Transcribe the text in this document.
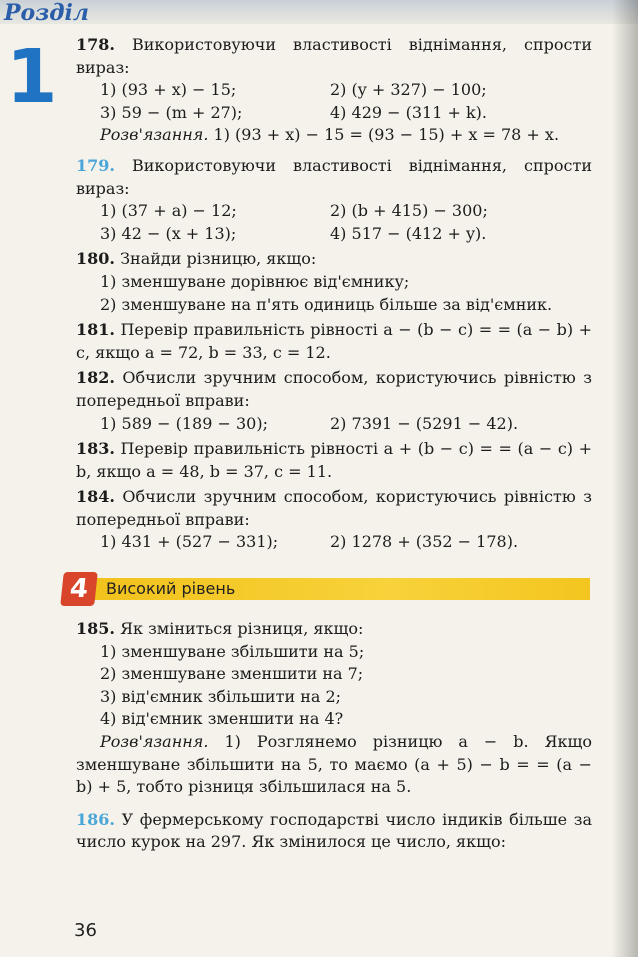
Розділ
1 178. Використовуючи властивості віднімання, спрости вираз:

1) (93 + x) − 15;	2) (y + 327) − 100;
3) 59 − (m + 27);	4) 429 − (311 + k).

Розв'язання. 1) (93 + x) − 15 = (93 − 15) + x = 78 + x.

179. Використовуючи властивості віднімання, спрости вираз:

1) (37 + a) − 12;	2) (b + 415) − 300;
3) 42 − (x + 13);	4) 517 − (412 + y).

180. Знайди різницю, якщо:

1) зменшуване дорівнює від'ємнику;

2) зменшуване на п'ять одиниць більше за від'ємник.

181. Перевір правильність рівності a − (b − c) = = (a − b) + c, якщо a = 72, b = 33, c = 12.

182. Обчисли зручним способом, користуючись рівністю з попередньої вправи:

1) 589 − (189 − 30);	2) 7391 − (5291 − 42).

183. Перевір правильність рівності a + (b − c) = = (a − c) + b, якщо a = 48, b = 37, c = 11.

184. Обчисли зручним способом, користуючись рівністю з попередньої вправи:

1) 431 + (527 − 331);	2) 1278 + (352 − 178).
4	Високий рівень

185. Як зміниться різниця, якщо:

1) зменшуване збільшити на 5;

2) зменшуване зменшити на 7;

3) від'ємник збільшити на 2;

4) від'ємник зменшити на 4?

Розв'язання. 1) Розглянемо різницю a − b. Якщо зменшуване збільшити на 5, то маємо (a + 5) − b = = (a − b) + 5, тобто різниця збільшилася на 5.

186. У фермерському господарстві число індиків більше за число курок на 297. Як змінилося це число, якщо:

36
